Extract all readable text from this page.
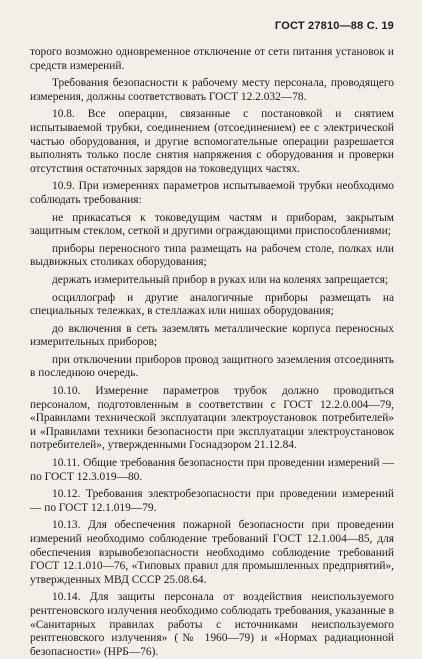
ГОСТ 27810—88 С. 19

торого возможно одновременное отключение от сети питания установок и средств измерений.

Требования безопасности к рабочему месту персонала, проводящего измерения, должны соответствовать ГОСТ 12.2.032—78.

10.8. Все операции, связанные с постановкой и снятием испытываемой трубки, соединением (отсоединением) ее с электрической частью оборудования, и другие вспомогательные операции разрешается выполнять только после снятия напряжения с оборудования и проверки отсутствия остаточных зарядов на токоведущих частях.

10.9. При измерениях параметров испытываемой трубки необходимо соблюдать требования:

не прикасаться к токоведущим частям и приборам, закрытым защитным стеклом, сеткой и другими ограждающими приспособлениями;

приборы переносного типа размещать на рабочем столе, полках или выдвижных столиках оборудования;

держать измерительный прибор в руках или на коленях запрещается;

осциллограф и другие аналогичные приборы размещать на специальных тележках, в стеллажах или нишах оборудования;

до включения в сеть заземлять металлические корпуса переносных измерительных приборов;

при отключении приборов провод защитного заземления отсоединять в последнюю очередь.

10.10. Измерение параметров трубок должно проводиться персоналом, подготовленным в соответствии с ГОСТ 12.2.0.004—79, «Правилами технической эксплуатации электроустановок потребителей» и «Правилами техники безопасности при эксплуатации электроустановок потребителей», утвержденными Госнадзором 21.12.84.

10.11. Общие требования безопасности при проведении измерений — по ГОСТ 12.3.019—80.

10.12. Требования электробезопасности при проведении измерений — по ГОСТ 12.1.019—79.

10.13. Для обеспечения пожарной безопасности при проведении измерений необходимо соблюдение требований ГОСТ 12.1.004—85, для обеспечения взрывобезопасности необходимо соблюдение требований ГОСТ 12.1.010—76, «Типовых правил для промышленных предприятий», утвержденных МВД СССР 25.08.64.

10.14. Для защиты персонала от воздействия неиспользуемого рентгеновского излучения необходимо соблюдать требования, указанные в «Санитарных правилах работы с источниками неиспользуемого рентгеновского излучения» (№ 1960—79) и «Нормах радиационной безопасности» (НРБ—76).
